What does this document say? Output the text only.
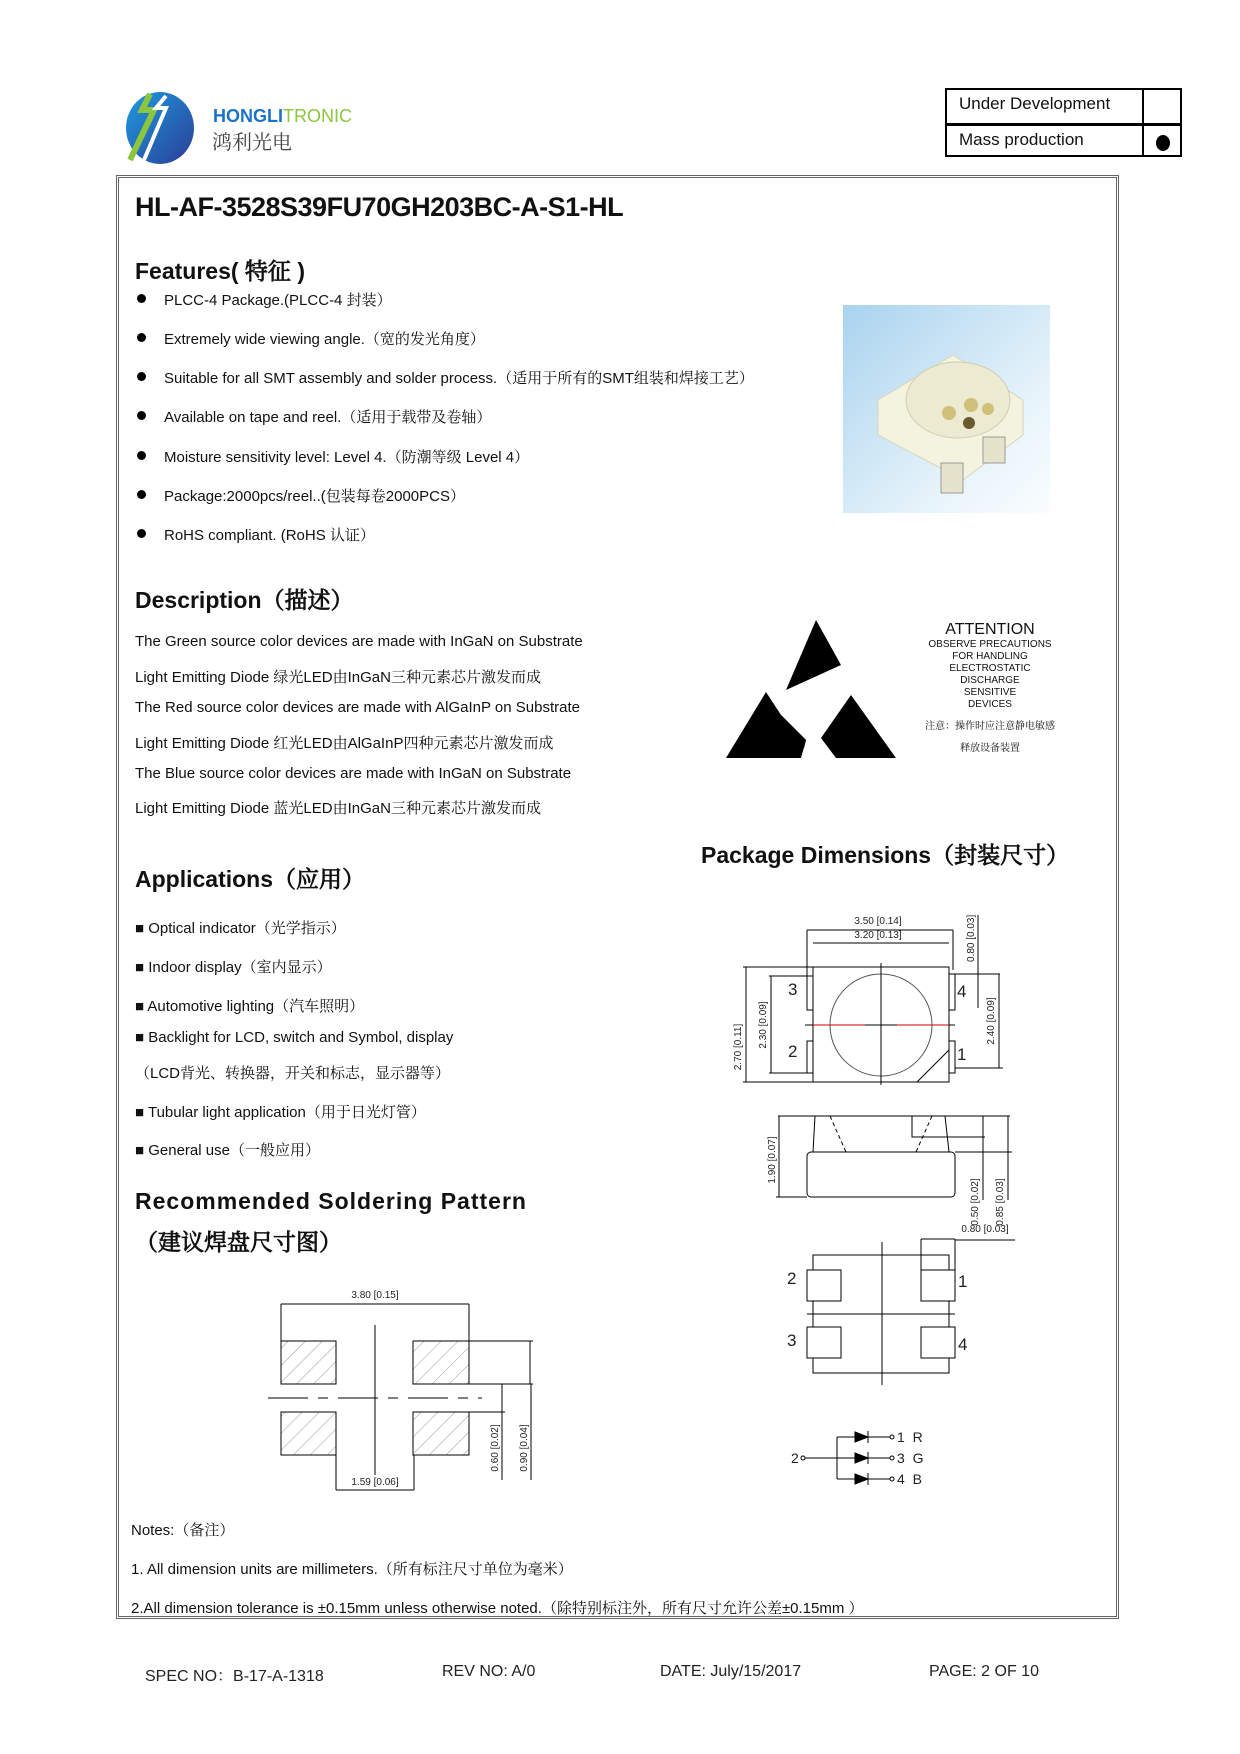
HONGLITRONIC
鸿利光电
Under Development
Mass production
HL-AF-3528S39FU70GH203BC-A-S1-HL
Features( 特征 )
PLCC-4 Package.(PLCC-4 封装）
Extremely wide viewing angle.（宽的发光角度）
Suitable for all SMT assembly and solder process.（适用于所有的SMT组装和焊接工艺）
Available on tape and reel.（适用于载带及卷轴）
Moisture sensitivity level: Level 4.（防潮等级 Level 4）
Package:2000pcs/reel..(包装每卷2000PCS）
RoHS compliant. (RoHS 认证）
Description（描述）
The Green source color devices are made with InGaN on Substrate
Light Emitting Diode 绿光LED由InGaN三种元素芯片激发而成
The Red source color devices are made with AlGaInP on Substrate
Light Emitting Diode 红光LED由AlGaInP四种元素芯片激发而成
The Blue source color devices are made with InGaN on Substrate
Light Emitting Diode 蓝光LED由InGaN三种元素芯片激发而成
ATTENTION
OBSERVE PRECAUTIONS
FOR HANDLING
ELECTROSTATIC
DISCHARGE
SENSITIVE
DEVICES
注意：操作时应注意静电敏感
释放设备装置
Applications（应用）
■ Optical indicator（光学指示）
■ Indoor display（室内显示）
■ Automotive lighting（汽车照明）
■ Backlight for LCD, switch and Symbol, display
（LCD背光、转换器，开关和标志，显示器等）
■ Tubular light application（用于日光灯管）
■ General use（一般应用）
Package Dimensions（封装尺寸）
3.50 [0.14]
3.20 [0.13]	0.80 [0.03]
2.70 [0.11] 2.30 [0.09]	2.40 [0.09]
1.90 [0.07]
0.50 [0.02] 0.85 [0.03]
0.80 [0.03]
3
2
4
1
2
3
1
4
2
1  R
3  G
4  B
Recommended Soldering Pattern
（建议焊盘尺寸图）
3.80 [0.15]
1.59 [0.06]
0.60 [0.02] 0.90 [0.04]
Notes:（备注）
1. All dimension units are millimeters.（所有标注尺寸单位为毫米）
2.All dimension tolerance is ±0.15mm unless otherwise noted.（除特别标注外，所有尺寸允许公差±0.15mm ）
SPEC NO：B-17-A-1318	REV NO: A/0	DATE: July/15/2017	PAGE: 2 OF 10
